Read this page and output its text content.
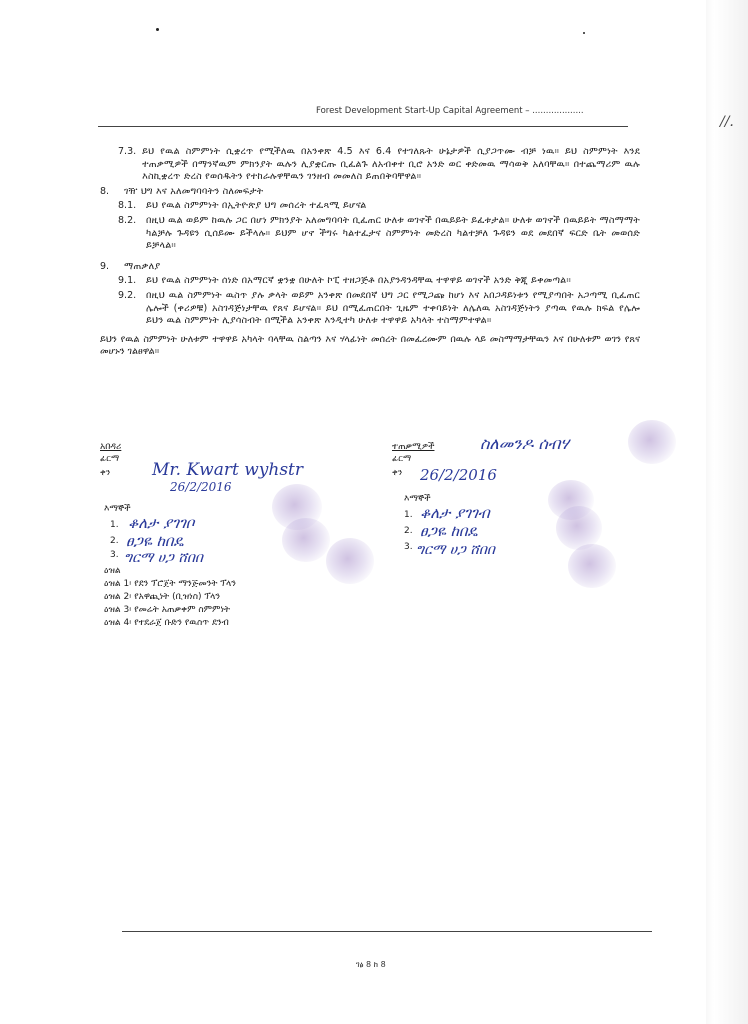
//.
Forest Development Start-Up Capital Agreement – ...................
7.3. ይህ የዉል ስምምነት ሲቋረጥ የሚችለዉ በአንቀጽ 4.5 እና 6.4 የተገለጹት ሁኔታዎች ሲያጋጥሙ ብቻ ነዉ። ይህ ስምምነት እንደ ተጠቃሚዎች በማንኛዉም ምክንያት ዉሉን ሊያቋርጡ ቢፈልጉ ለአብቀተ ቢሮ አንድ ወር ቀድመዉ ማሳወቅ አለባቸዉ። በተጨማሪም ዉሉ እስኪቋረጥ ድረስ የወሰዱትን የተከራሉዋቸዉን ገንዘብ መመለስ ይጠበቅባቸዋል።
8.	ገዥ ህግ እና አለመግባባትን ስለመፍታት
8.1.	ይህ የዉል ስምምነት በኢትዮጵያ ህግ መሰረት ተፈጻሚ ይሆናል
8.2.	በዚህ ዉል ወይም ከዉሉ ጋር በሆነ ምክንያት አለመግባባት ቢፈጠር ሁለቱ ወገኖች በዉይይት ይፈቱታል። ሁለቱ ወገኖች በዉይይት ማስማማት ካልቻሉ ጉዳዩን ሲሰይሙ ይችላሉ። ይህም ሆኖ ችግሩ ካልተፈታና ስምምነት መድረስ ካልተቻለ ጉዳዩን ወደ መደበኛ ፍርድ ቤት መወሰድ ይቻላል።
9.	ማጠቃለያ
9.1.	ይህ የዉል ስምምነት ሰነድ በአማርኛ ቋንቋ በሁለት ኮፒ ተዘጋጅቶ በአያንዳንዳቸዉ ተዋዋይ ወገኖች አንድ ቅጂ ይቀመጣል።
9.2.	በዚህ ዉል ስምምነት ዉስጥ ያሉ ቃላት ወይም አንቀጽ በመደበኛ ህግ ጋር የሚጋጩ ከሆነ እና አበጋዳይነቱን የሚያጣበት አጋጣሚ ቢፈጠር ሌሎች (ቀሪዎቹ) አስገዳጅነታቸዉ የጸና ይሆናል። ይህ በሚፈጠርበት ጊዜም ተቀባይነት ለሌለዉ አስገዳጅነትን ያጣዉ የዉሉ ክፍል የሌሎ ይህን ዉል ስምምነት ሊያሳስብት በሚችል አንቀጽ እንዲተካ ሁለቱ ተዋዋይ አካላት ተስማምተዋል።
ይህን የዉል ስምምነት ሁለቱም ተዋዋይ አካላት ባላቸዉ ስልጣን እና ሃላፊነት መሰረት በመፈረሙም በዉሉ ላይ መስማማታቸዉን እና በሁለቱም ወገን የጸና መሆኑን ገልፀዋል።
አበዳሪ
ፊርማ
ቀን	Mr. Kwart wyhstr
26/2/2016
እማኞች
1. ቆለታ ያገገቦ
2. ፀጋዬ ከበዴ
3. ግርማ ሀጋ ሸበበ
ተጠቃሚዎች
ፊርማ
ቀን
ስለመንዶ ሰብሃ
26/2/2016
እማኞች
1. ቆለታ ያገገብ
2. ፀጋዬ ከበዴ
3. ግርማ ሀጋ ሸበበ
ዕዝል
ዕዝል 1፡ የደን ፕሮጀት ማንጅመንት ፕላን
ዕዝል 2፡ የአዋጪነት (ቢዝነስ) ፕላን
ዕዝል 3፡ የመሬት አጠቃቀም ስምምነት
ዕዝል 4፡ የተደራጀ ቡድን የዉስጥ ደንብ
ገፅ 8 ከ 8
